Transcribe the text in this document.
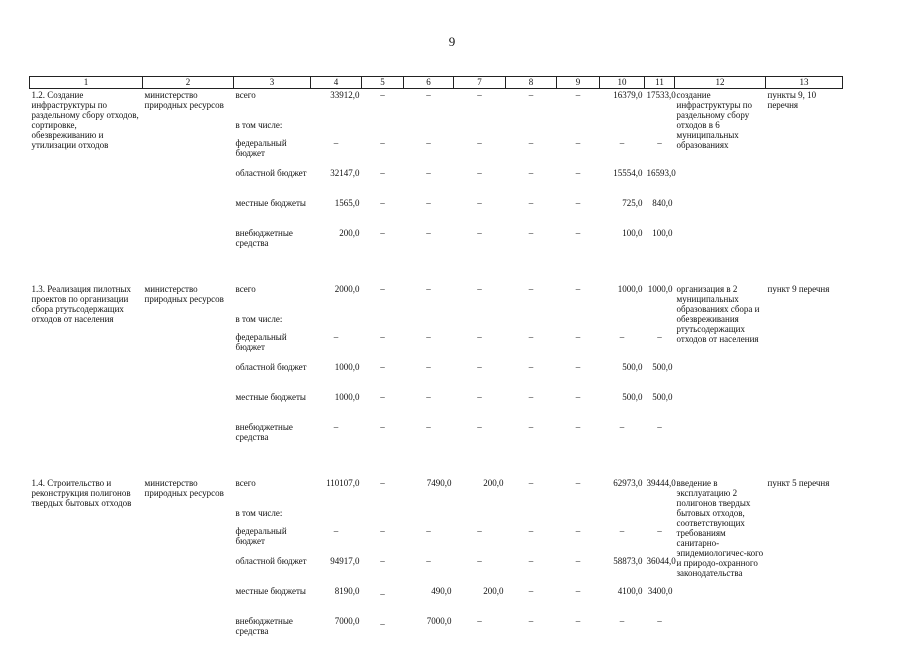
9
1	2	3	4	5	6	7	8	9	10	11	12	13
1.2. Создание инфраструктуры по раздельному сбору отходов, сортировке, обезвреживанию и утилизации отходов	министерство природных ресурсов	всего	33912,0	–	–	–	–	–	16379,0	17533,0	создание инфраструктуры по раздельному сбору отходов в 6 муниципальных образованиях	пункты 9, 10 перечня
		в том числе:										
		федеральный бюджет	–	–	–	–	–	–	–	–		
		областной бюджет	32147,0	–	–	–	–	–	15554,0	16593,0		
		местные бюджеты	1565,0	–	–	–	–	–	725,0	840,0		
		внебюджетные средства	200,0	–	–	–	–	–	100,0	100,0		

1.3. Реализация пилотных проектов по организации сбора ртутьсодержащих отходов от населения	министерство природных ресурсов	всего	2000,0	–	–	–	–	–	1000,0	1000,0	организация в 2 муниципальных образованиях сбора и обезвреживания ртутьсодержащих отходов от населения	пункт 9 перечня
		в том числе:										
		федеральный бюджет	–	–	–	–	–	–	–	–		
		областной бюджет	1000,0	–	–	–	–	–	500,0	500,0		
		местные бюджеты	1000,0	–	–	–	–	–	500,0	500,0		
		внебюджетные средства	–	–	–	–	–	–	–	–		

1.4. Строительство и реконструкция полигонов твердых бытовых отходов	министерство природных ресурсов	всего	110107,0	–	7490,0	200,0	–	–	62973,0	39444,0	введение в эксплуатацию 2 полигонов твердых бытовых отходов, соответствующих требованиям санитарно-эпидемиологичес-кого и природо-охранного законодательства	пункт 5 перечня
		в том числе:										
		федеральный бюджет	–	–	–	–	–	–	–	–		
		областной бюджет	94917,0	–	–	–	–	–	58873,0	36044,0		
		местные бюджеты	8190,0	_	490,0	200,0	–	–	4100,0	3400,0		
		внебюджетные средства	7000,0	_	7000,0	–	–	–	–	–		
